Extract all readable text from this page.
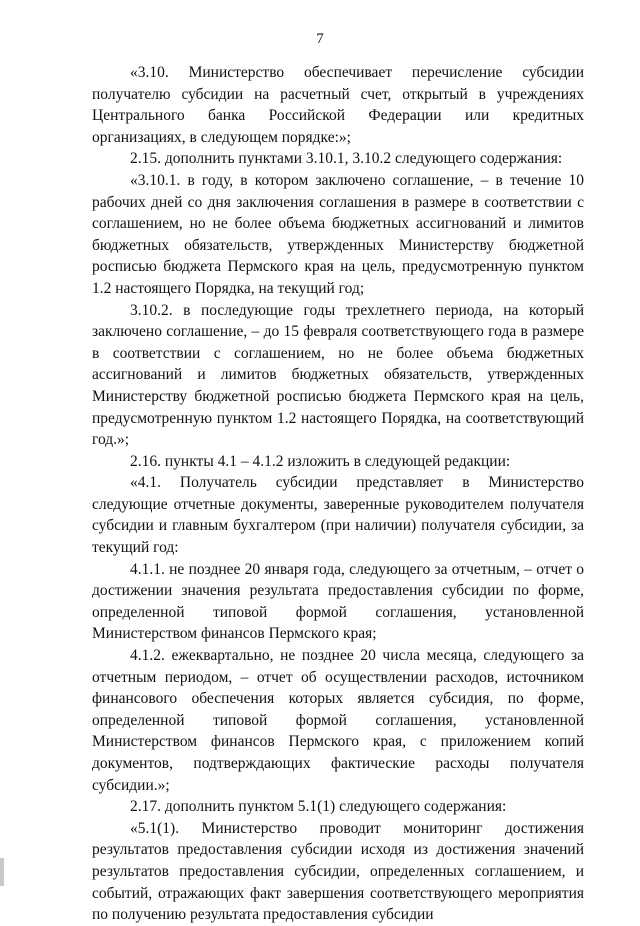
7

«3.10. Министерство обеспечивает перечисление субсидии получателю субсидии на расчетный счет, открытый в учреждениях Центрального банка Российской Федерации или кредитных организациях, в следующем порядке:»;

2.15. дополнить пунктами 3.10.1, 3.10.2 следующего содержания:

«3.10.1. в году, в котором заключено соглашение, – в течение 10 рабочих дней со дня заключения соглашения в размере в соответствии с соглашением, но не более объема бюджетных ассигнований и лимитов бюджетных обязательств, утвержденных Министерству бюджетной росписью бюджета Пермского края на цель, предусмотренную пунктом 1.2 настоящего Порядка, на текущий год;

3.10.2. в последующие годы трехлетнего периода, на который заключено соглашение, – до 15 февраля соответствующего года в размере в соответствии с соглашением, но не более объема бюджетных ассигнований и лимитов бюджетных обязательств, утвержденных Министерству бюджетной росписью бюджета Пермского края на цель, предусмотренную пунктом 1.2 настоящего Порядка, на соответствующий год.»;

2.16. пункты 4.1 – 4.1.2 изложить в следующей редакции:

«4.1. Получатель субсидии представляет в Министерство следующие отчетные документы, заверенные руководителем получателя субсидии и главным бухгалтером (при наличии) получателя субсидии, за текущий год:

4.1.1. не позднее 20 января года, следующего за отчетным, – отчет о достижении значения результата предоставления субсидии по форме, определенной типовой формой соглашения, установленной Министерством финансов Пермского края;

4.1.2. ежеквартально, не позднее 20 числа месяца, следующего за отчетным периодом, – отчет об осуществлении расходов, источником финансового обеспечения которых является субсидия, по форме, определенной типовой формой соглашения, установленной Министерством финансов Пермского края, с приложением копий документов, подтверждающих фактические расходы получателя субсидии.»;

2.17. дополнить пунктом 5.1(1) следующего содержания:

«5.1(1). Министерство проводит мониторинг достижения результатов предоставления субсидии исходя из достижения значений результатов предоставления субсидии, определенных соглашением, и событий, отражающих факт завершения соответствующего мероприятия по получению результата предоставления субсидии
